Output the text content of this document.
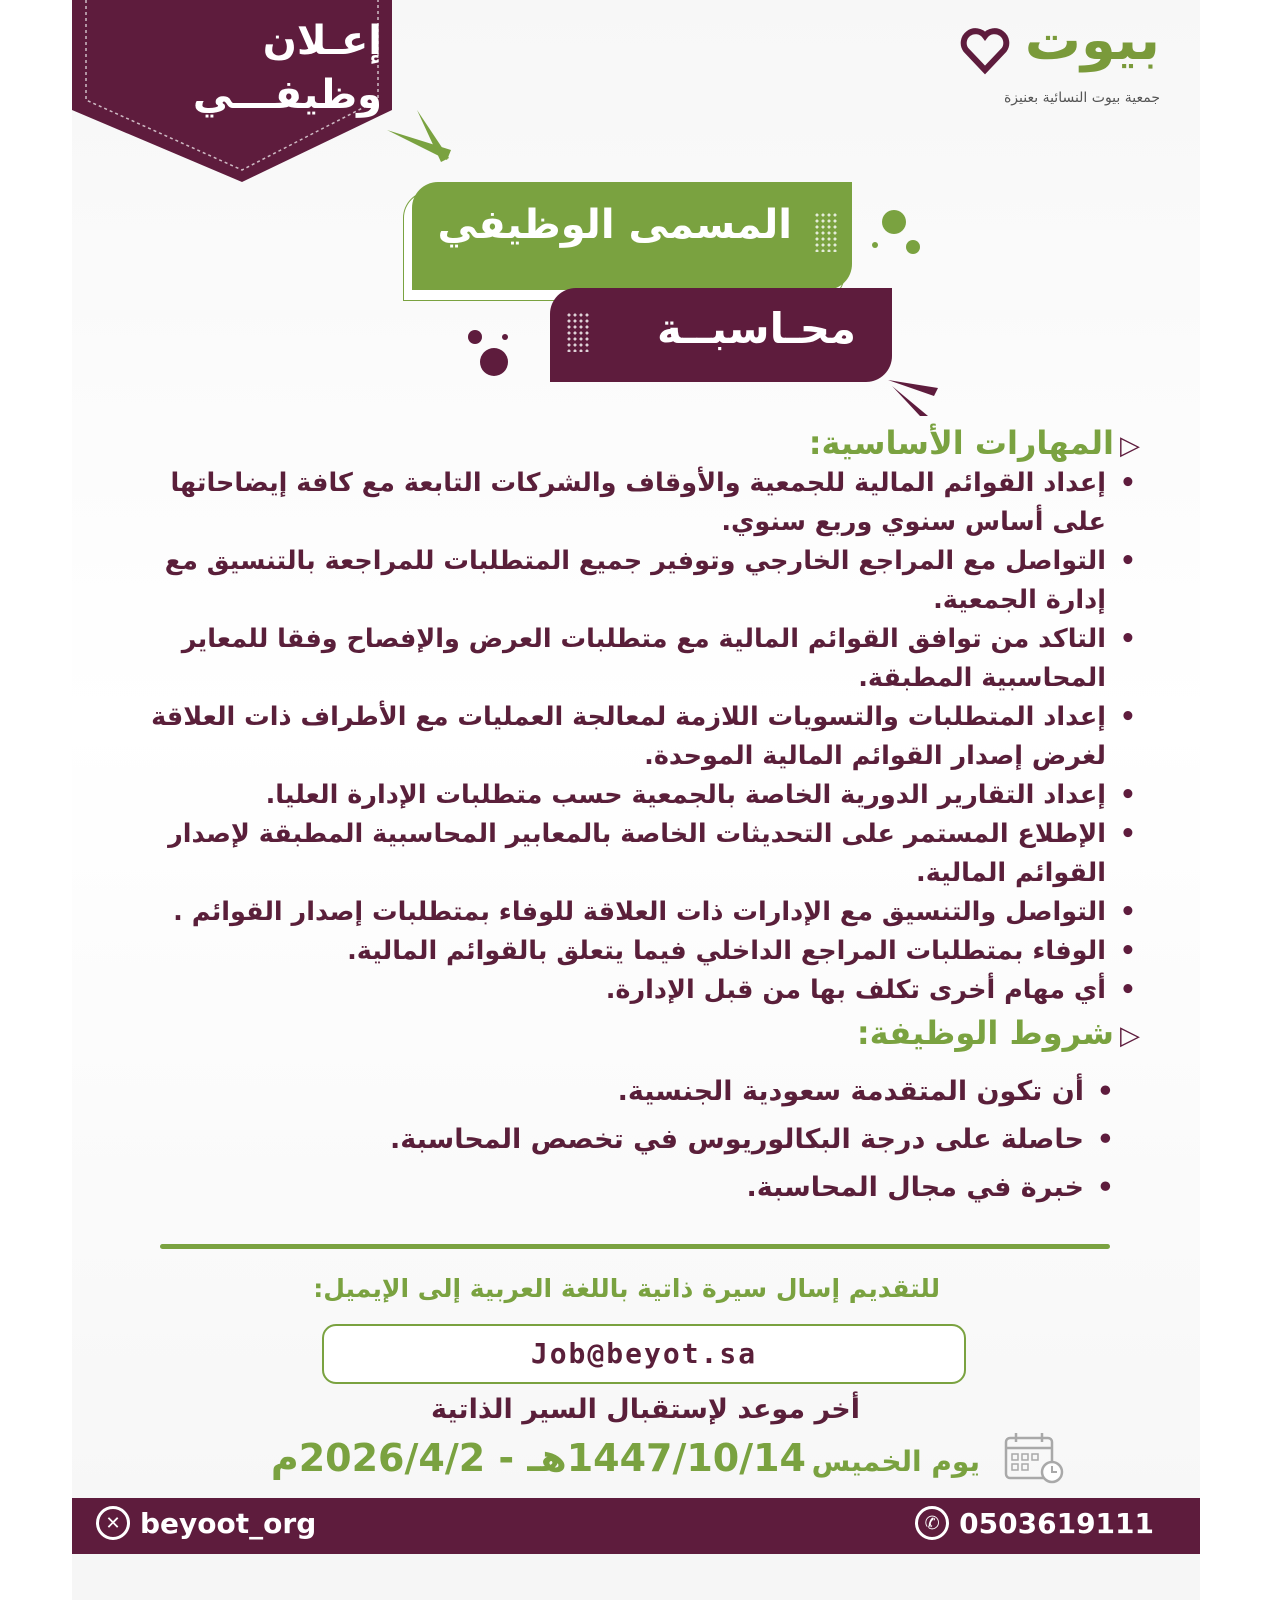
إعـلان
وظيفـــي
بيوت
جمعية بيوت النسائية بعنيزة
المسمى الوظيفي
محـاسبــة
▷المهارات الأساسية:
• إعداد القوائم المالية للجمعية والأوقاف والشركات التابعة مع كافة إيضاحاتها على أساس سنوي وربع سنوي.
• التواصل مع المراجع الخارجي وتوفير جميع المتطلبات للمراجعة بالتنسيق مع إدارة الجمعية.
• التاكد من توافق القوائم المالية مع متطلبات العرض والإفصاح وفقا للمعاير المحاسبية المطبقة.
• إعداد المتطلبات والتسويات اللازمة لمعالجة العمليات مع الأطراف ذات العلاقة لغرض إصدار القوائم المالية الموحدة.
• إعداد التقارير الدورية الخاصة بالجمعية حسب متطلبات الإدارة العليا.
• الإطلاع المستمر على التحديثات الخاصة بالمعابير المحاسبية المطبقة لإصدار القوائم المالية.
• التواصل والتنسيق مع الإدارات ذات العلاقة للوفاء بمتطلبات إصدار القوائم .
• الوفاء بمتطلبات المراجع الداخلي فيما يتعلق بالقوائم المالية.
• أي مهام أخرى تكلف بها من قبل الإدارة.
▷شروط الوظيفة:
• أن تكون المتقدمة سعودية الجنسية.
• حاصلة على درجة البكالوريوس في تخصص المحاسبة.
• خبرة في مجال المحاسبة.
للتقديم إسال سيرة ذاتية باللغة العربية إلى الإيميل:
Job@beyot.sa
أخر موعد لإستقبال السير الذاتية
يوم الخميس 1447/10/14هـ - 2026/4/2م
✕ beyoot_org	✆ 0503619111
